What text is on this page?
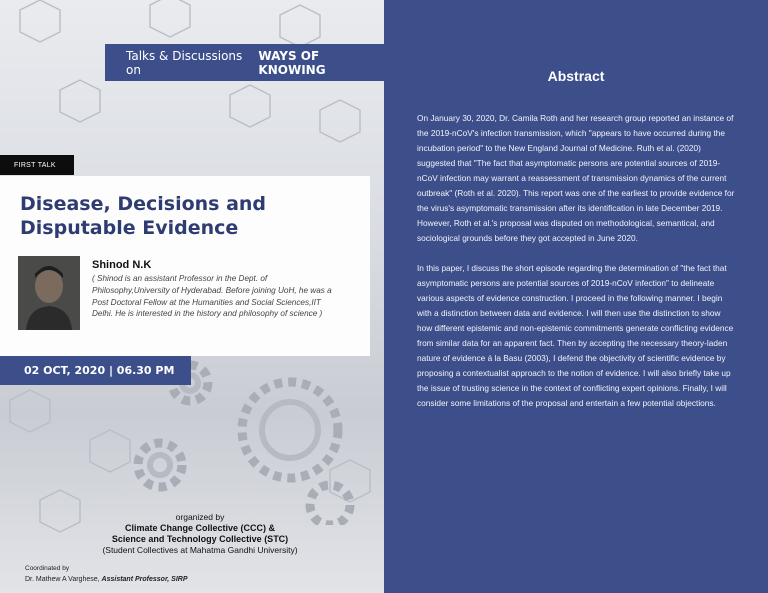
Talks & Discussions on
WAYS OF KNOWING
FIRST TALK
Disease, Decisions and
Disputable Evidence
Shinod N.K
( Shinod is an assistant Professor in the Dept. of Philosophy,University of Hyderabad. Before joining UoH, he was a Post Doctoral Fellow at the Humanities and Social Sciences,IIT Delhi. He is interested in the history and philosophy of science )
02 OCT, 2020 | 06.30 PM
organized by
Climate Change Collective (CCC) &
Science and Technology Collective (STC)
(Student Collectives at Mahatma Gandhi University)
Coordinated by
Dr. Mathew A Varghese, Assistant Professor, SIRP
Abstract

On January 30, 2020, Dr. Camila Roth and her research group reported an instance of the 2019-nCoV's infection transmission, which "appears to have occurred during the incubation period" to the New England Journal of Medicine. Ruth et al. (2020) suggested that "The fact that asymptomatic persons are potential sources of 2019-nCoV infection may warrant a reassessment of transmission dynamics of the current outbreak" (Roth et al. 2020). This report was one of the earliest to provide evidence for the virus's asymptomatic transmission after its identification in late December 2019. However, Roth et al.'s proposal was disputed on methodological, semantical, and sociological grounds before they got accepted in June 2020.

In this paper, I discuss the short episode regarding the determination of "the fact that asymptomatic persons are potential sources of 2019-nCoV infection" to delineate various aspects of evidence construction. I proceed in the following manner. I begin with a distinction between data and evidence. I will then use the distinction to show how different epistemic and non-epistemic commitments generate conflicting evidence from similar data for an apparent fact. Then by accepting the necessary theory-laden nature of evidence á la Basu (2003), I defend the objectivity of scientific evidence by proposing a contextualist approach to the notion of evidence. I will also briefly take up the issue of trusting science in the context of conflicting expert opinions. Finally, I will consider some limitations of the proposal and entertain a few potential objections.
